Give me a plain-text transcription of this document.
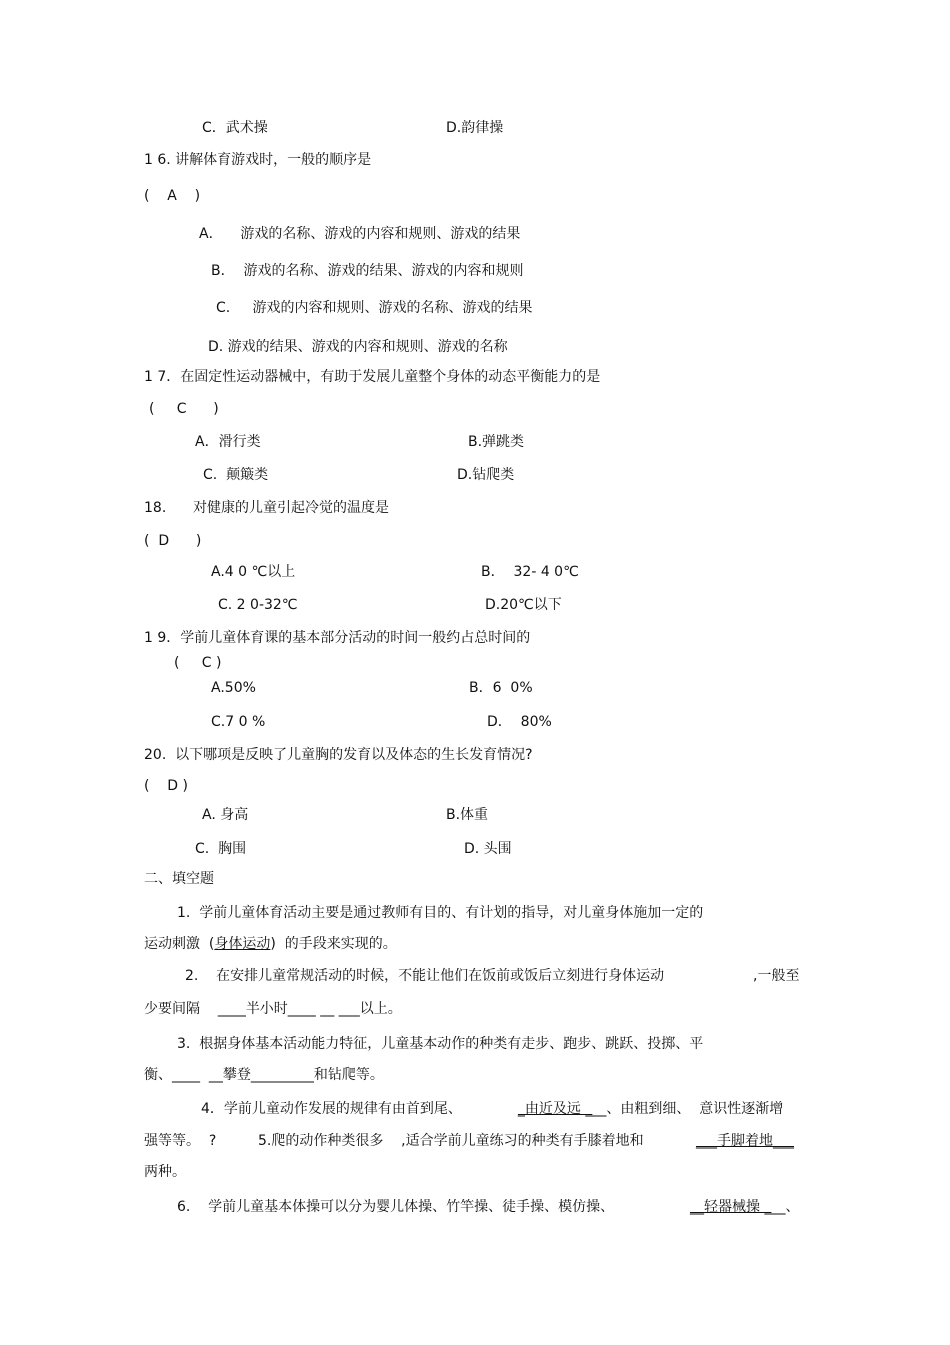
C．武术操	D.韵律操
1 6. 讲解体育游戏时，一般的顺序是
(    A    )
A．    游戏的名称、游戏的内容和规则、游戏的结果
B．  游戏的名称、游戏的结果、游戏的内容和规则
C.     游戏的内容和规则、游戏的名称、游戏的结果
D. 游戏的结果、游戏的内容和规则、游戏的名称
1 7．在固定性运动器械中，有助于发展儿童整个身体的动态平衡能力的是
(     C      )
A．滑行类	B.弹跳类
C.  颠簸类	D.钻爬类
18.      对健康的儿童引起冷觉的温度是
(  D      )
A.4 0 ℃以上	B．  32- 4 0℃
C. 2 0-32℃	D.20℃以下
1 9．学前儿童体育课的基本部分活动的时间一般约占总时间的
(     C )
A.50%	B．6  0%
C.7 0 %	D．  80%
20.  以下哪项是反映了儿童胸的发育以及体态的生长发育情况?
(    D )
A. 身高	B.体重
C.  胸围	D. 头围
二、填空题
1.  学前儿童体育活动主要是通过教师有目的、有计划的指导，对儿童身体施加一定的
运动刺激  (身体运动)  的手段来实现的。
2.    在安排儿童常规活动的时候，不能让他们在饭前或饭后立刻进行身体运动	,一般至
少要间隔    ____半小时____ __ ___以上。
3.  根据身体基本活动能力特征，儿童基本动作的种类有走步、跑步、跳跃、投掷、平
衡、____  __攀登_________和钻爬等。
4．学前儿童动作发展的规律有由首到尾、	_由近及远 ___、由粗到细、  意识性逐渐增
强等等。  ?	5.爬的动作种类很多    ,适合学前儿童练习的种类有手膝着地和	___手脚着地___
两种。
6.    学前儿童基本体操可以分为婴儿体操、竹竿操、徒手操、模仿操、	__轻器械操 ___、
